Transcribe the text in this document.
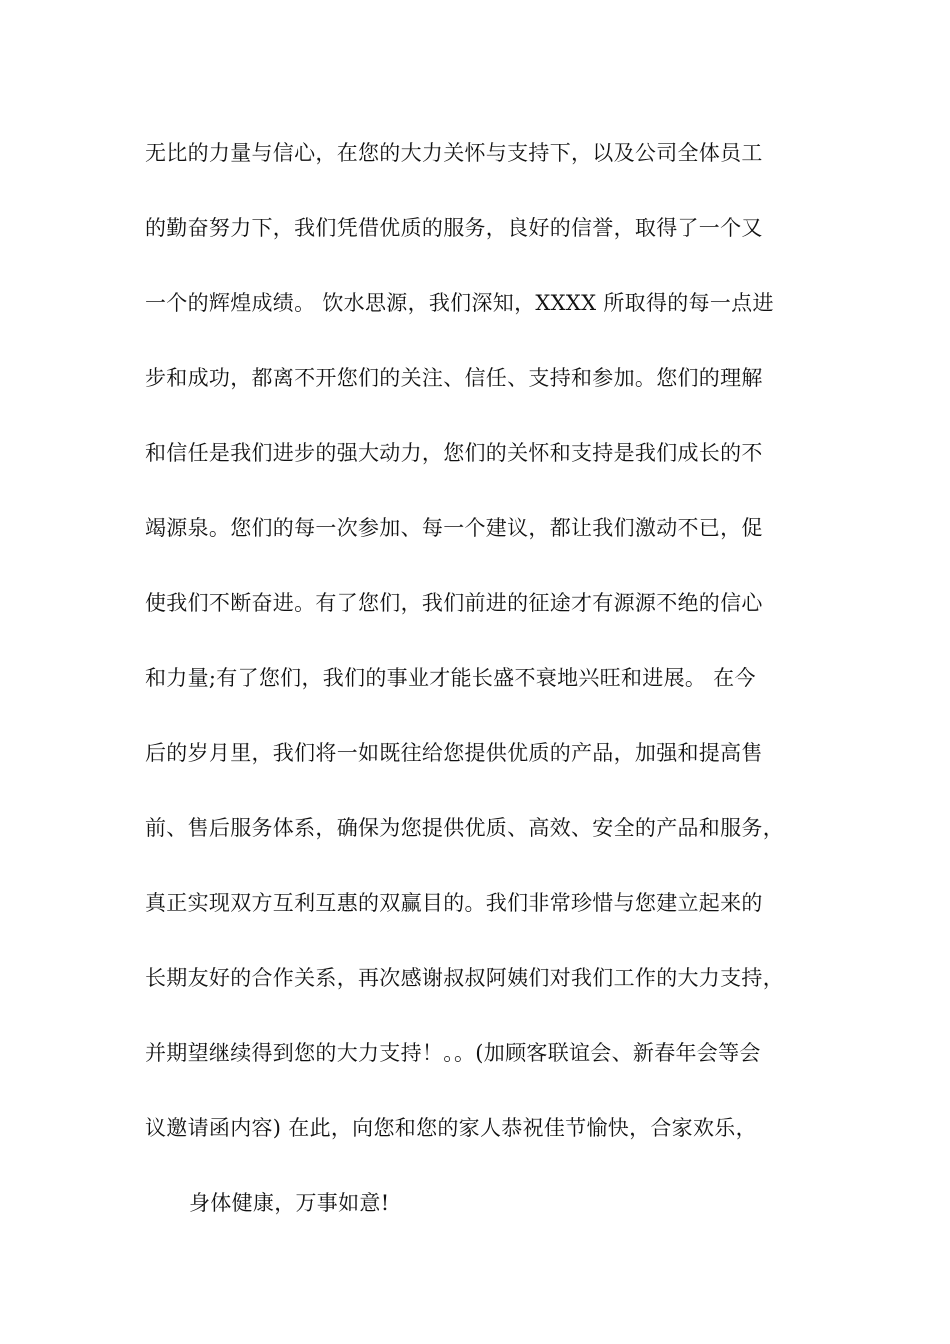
无比的力量与信心，在您的大力关怀与支持下，以及公司全体员工
的勤奋努力下，我们凭借优质的服务，良好的信誉，取得了一个又
一个的辉煌成绩。 饮水思源，我们深知，XXXX 所取得的每一点进
步和成功，都离不开您们的关注、信任、支持和参加。您们的理解
和信任是我们进步的强大动力，您们的关怀和支持是我们成长的不
竭源泉。您们的每一次参加、每一个建议，都让我们激动不已，促
使我们不断奋进。有了您们，我们前进的征途才有源源不绝的信心
和力量;有了您们，我们的事业才能长盛不衰地兴旺和进展。 在今
后的岁月里，我们将一如既往给您提供优质的产品，加强和提高售
前、售后服务体系，确保为您提供优质、高效、安全的产品和服务，
真正实现双方互利互惠的双赢目的。我们非常珍惜与您建立起来的
长期友好的合作关系，再次感谢叔叔阿姨们对我们工作的大力支持，
并期望继续得到您的大力支持！。。(加顾客联谊会、新春年会等会
议邀请函内容) 在此，向您和您的家人恭祝佳节愉快，合家欢乐，
身体健康，万事如意!
